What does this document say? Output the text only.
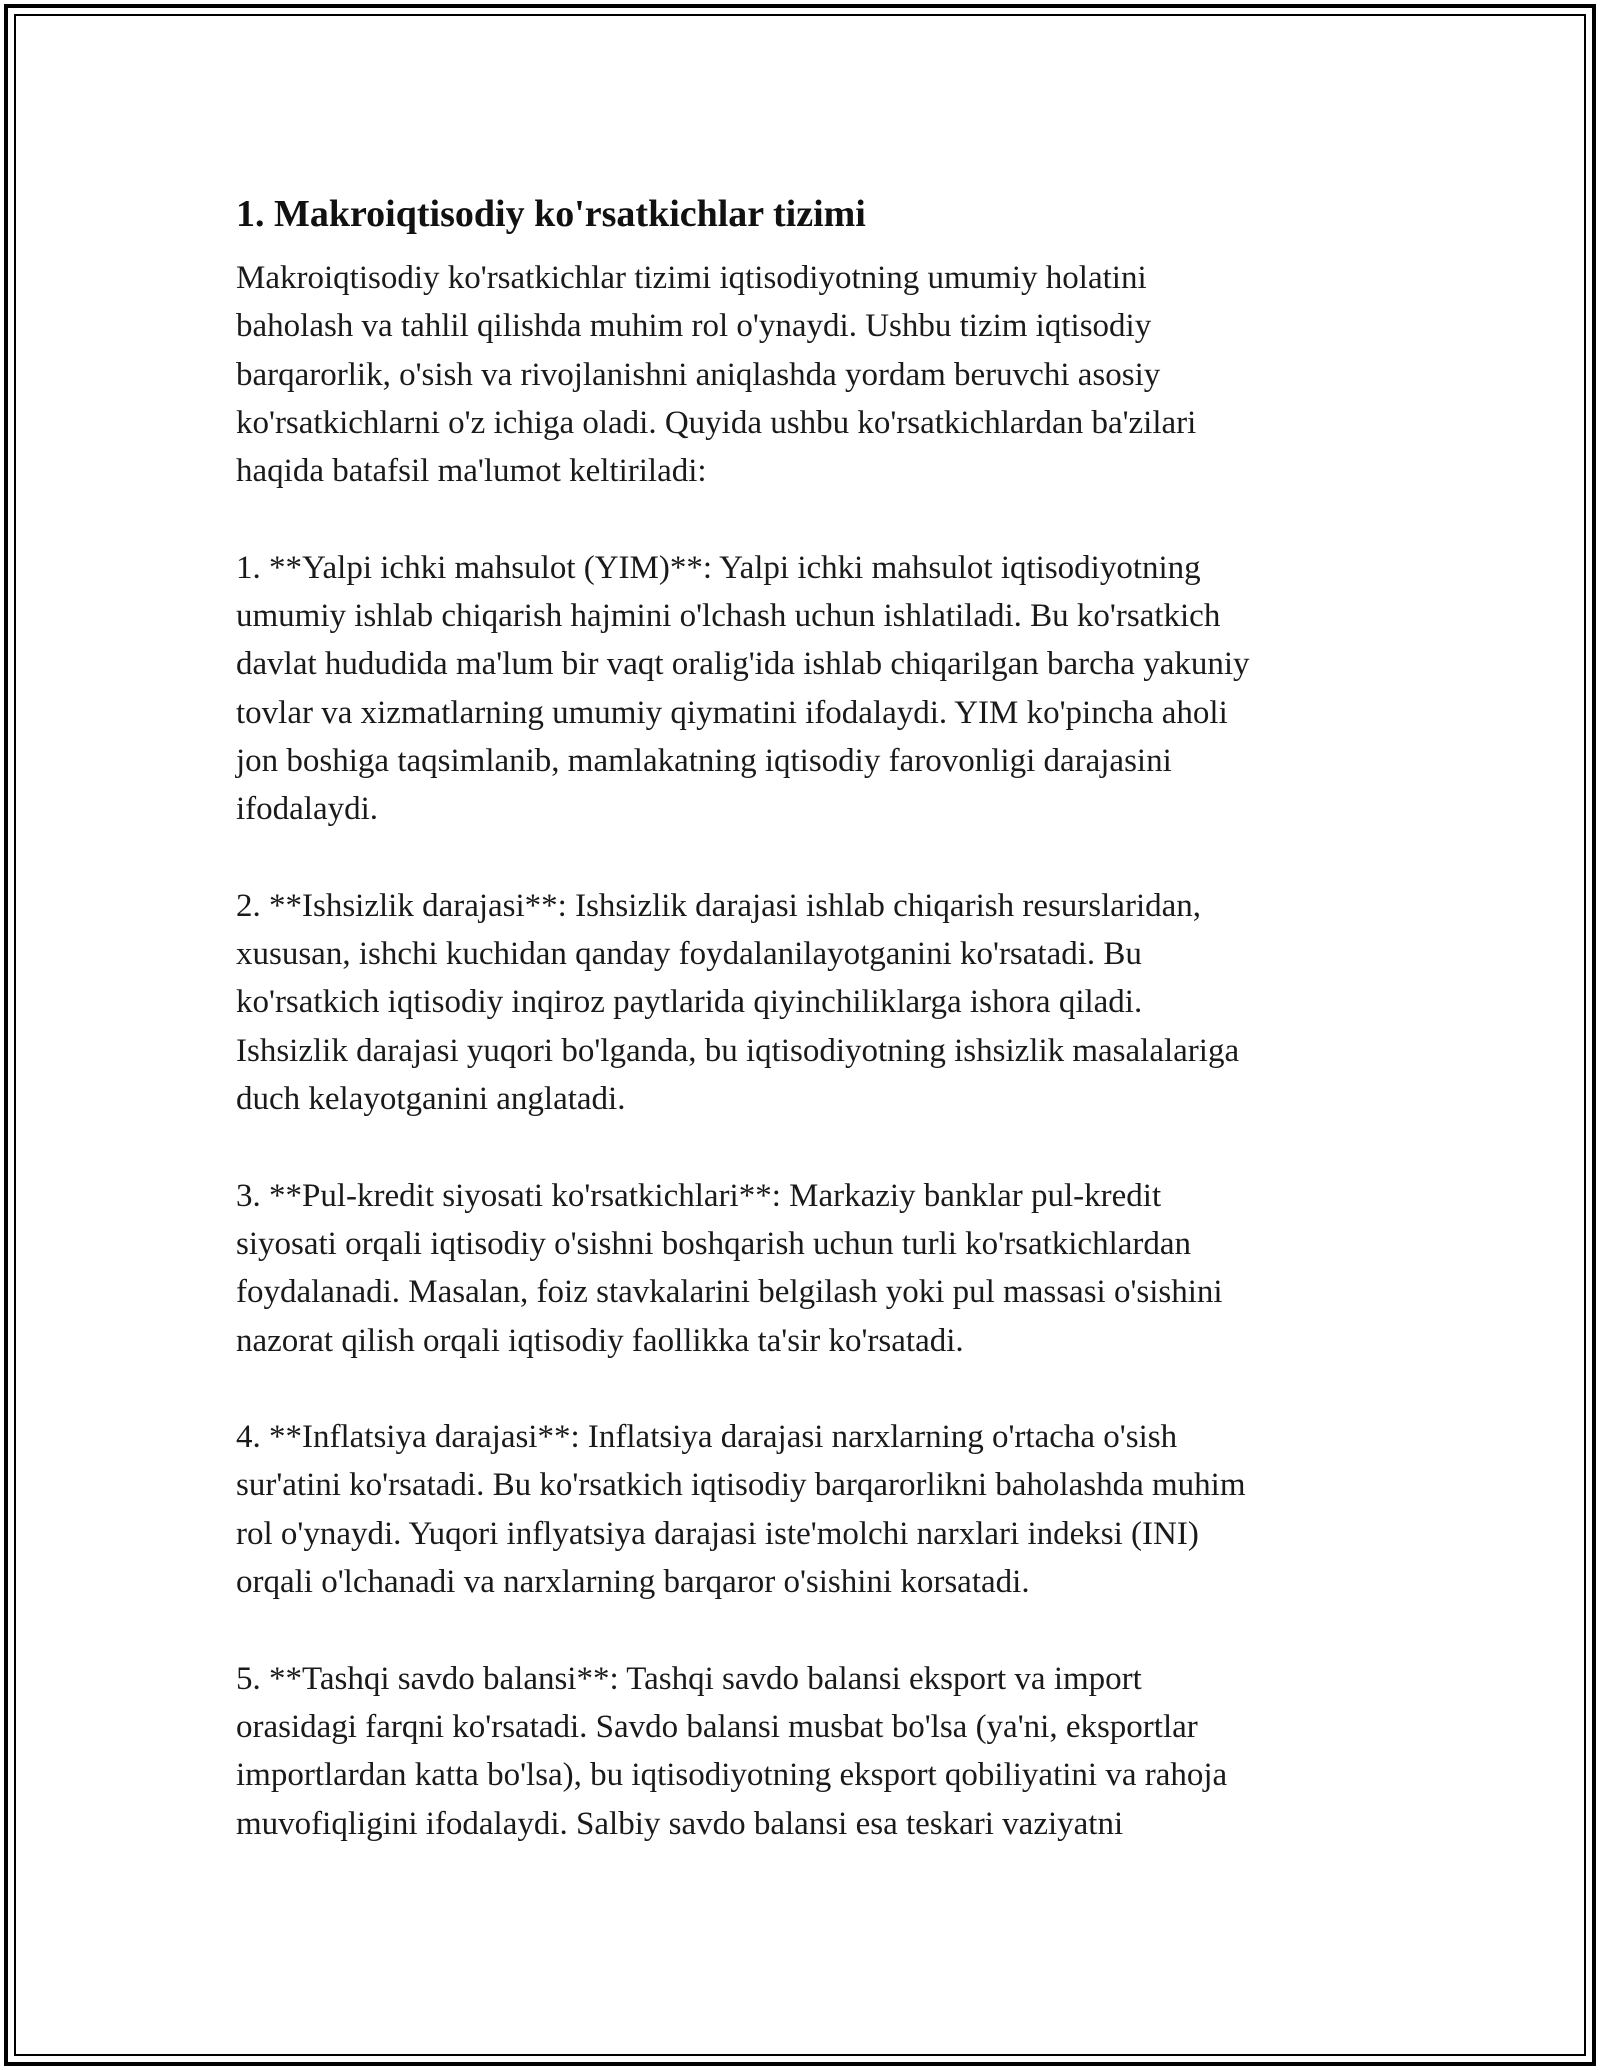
1. Makroiqtisodiy ko'rsatkichlar tizimi

Makroiqtisodiy ko'rsatkichlar tizimi iqtisodiyotning umumiy holatini
baholash va tahlil qilishda muhim rol o'ynaydi. Ushbu tizim iqtisodiy
barqarorlik, o'sish va rivojlanishni aniqlashda yordam beruvchi asosiy
ko'rsatkichlarni o'z ichiga oladi. Quyida ushbu ko'rsatkichlardan ba'zilari
haqida batafsil ma'lumot keltiriladi:

1. **Yalpi ichki mahsulot (YIM)**: Yalpi ichki mahsulot iqtisodiyotning
umumiy ishlab chiqarish hajmini o'lchash uchun ishlatiladi. Bu ko'rsatkich
davlat hududida ma'lum bir vaqt oralig'ida ishlab chiqarilgan barcha yakuniy
tovlar va xizmatlarning umumiy qiymatini ifodalaydi. YIM ko'pincha aholi
jon boshiga taqsimlanib, mamlakatning iqtisodiy farovonligi darajasini
ifodalaydi.

2. **Ishsizlik darajasi**: Ishsizlik darajasi ishlab chiqarish resurslaridan,
xususan, ishchi kuchidan qanday foydalanilayotganini ko'rsatadi. Bu
ko'rsatkich iqtisodiy inqiroz paytlarida qiyinchiliklarga ishora qiladi.
Ishsizlik darajasi yuqori bo'lganda, bu iqtisodiyotning ishsizlik masalalariga
duch kelayotganini anglatadi.

3. **Pul-kredit siyosati ko'rsatkichlari**: Markaziy banklar pul-kredit
siyosati orqali iqtisodiy o'sishni boshqarish uchun turli ko'rsatkichlardan
foydalanadi. Masalan, foiz stavkalarini belgilash yoki pul massasi o'sishini
nazorat qilish orqali iqtisodiy faollikka ta'sir ko'rsatadi.

4. **Inflatsiya darajasi**: Inflatsiya darajasi narxlarning o'rtacha o'sish
sur'atini ko'rsatadi. Bu ko'rsatkich iqtisodiy barqarorlikni baholashda muhim
rol o'ynaydi. Yuqori inflyatsiya darajasi iste'molchi narxlari indeksi (INI)
orqali o'lchanadi va narxlarning barqaror o'sishini korsatadi.

5. **Tashqi savdo balansi**: Tashqi savdo balansi eksport va import
orasidagi farqni ko'rsatadi. Savdo balansi musbat bo'lsa (ya'ni, eksportlar
importlardan katta bo'lsa), bu iqtisodiyotning eksport qobiliyatini va rahoja
muvofiqligini ifodalaydi. Salbiy savdo balansi esa teskari vaziyatni
